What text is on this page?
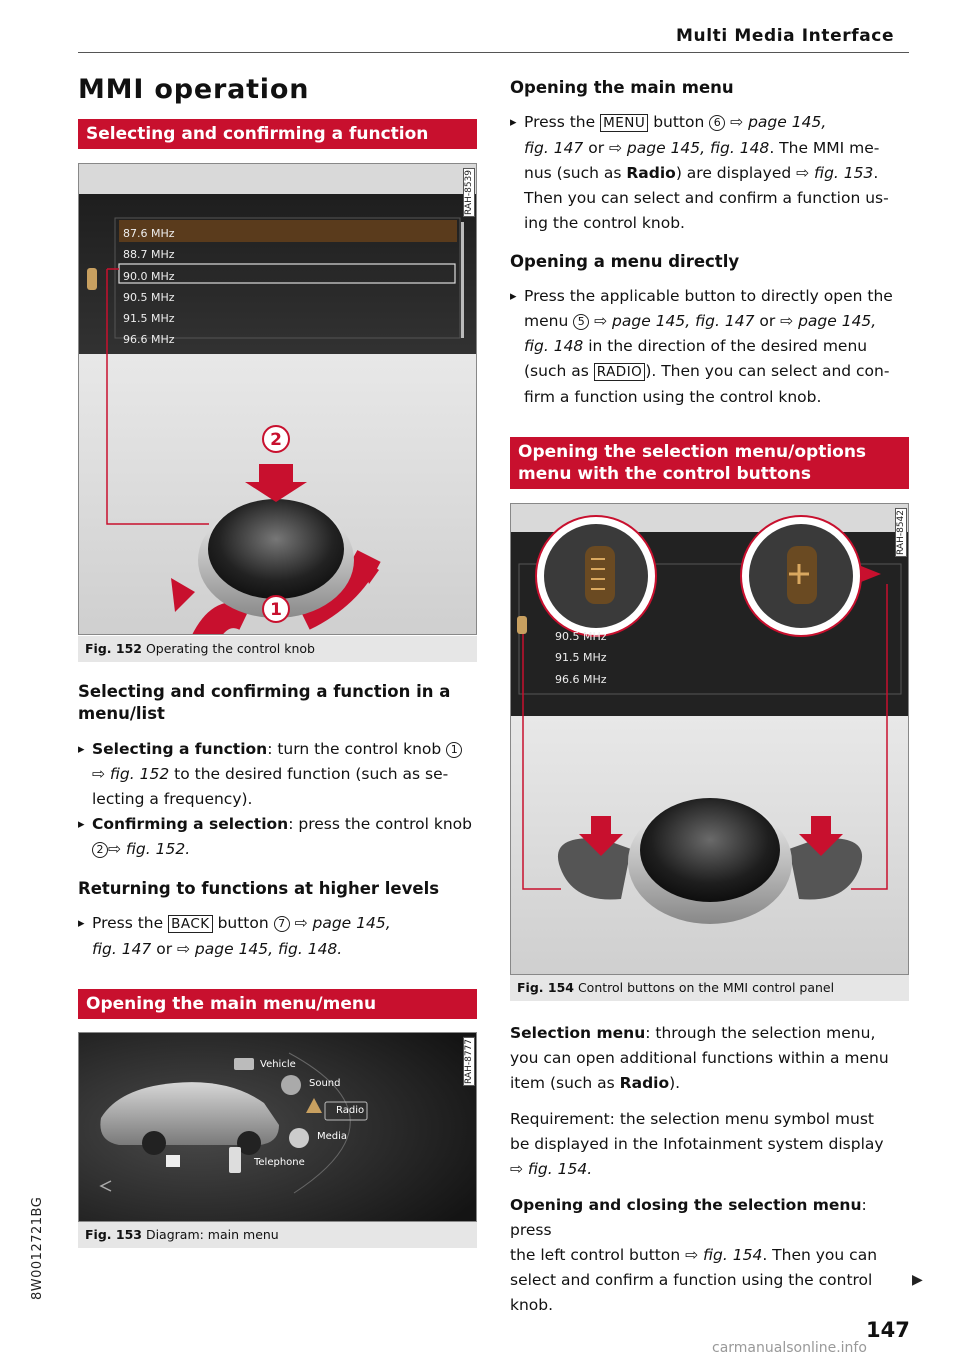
Multi Media Interface
MMI operation
Selecting and confirming a function
2
1
87.6 MHz
88.7 MHz
90.0 MHz
90.5 MHz
91.5 MHz
96.6 MHz
RAH-8539
Fig. 152 Operating the control knob
Selecting and confirming a function in a menu/list
▸ Selecting a function: turn the control knob 1
⇨ fig. 152 to the desired function (such as se-
lecting a frequency).
▸ Confirming a selection: press the control knob
2 ⇨ fig. 152.
Returning to functions at higher levels
▸ Press the BACK button 7 ⇨ page 145,
fig. 147 or ⇨ page 145, fig. 148.
Opening the main menu/menu
Vehicle
Sound
Radio
Media
Telephone
RAH-8777
Fig. 153 Diagram: main menu
Opening the main menu
▸ Press the MENU button 6 ⇨ page 145,
fig. 147 or ⇨ page 145, fig. 148. The MMI me-
nus (such as Radio) are displayed ⇨ fig. 153.
Then you can select and confirm a function us-
ing the control knob.
Opening a menu directly
▸ Press the applicable button to directly open the
menu 5 ⇨ page 145, fig. 147 or ⇨ page 145,
fig. 148 in the direction of the desired menu
(such as RADIO ). Then you can select and con-
firm a function using the control knob.
Opening the selection menu/options menu with the control buttons
90.5 MHz
91.5 MHz
96.6 MHz
RAH-8542
Fig. 154 Control buttons on the MMI control panel
Selection menu: through the selection menu,
you can open additional functions within a menu
item (such as Radio).
Requirement: the selection menu symbol must
be displayed in the Infotainment system display
⇨ fig. 154.
Opening and closing the selection menu: press
the left control button ⇨ fig. 154. Then you can
select and confirm a function using the control
knob.
▶
8W0012721BG
147
carmanualsonline.info
